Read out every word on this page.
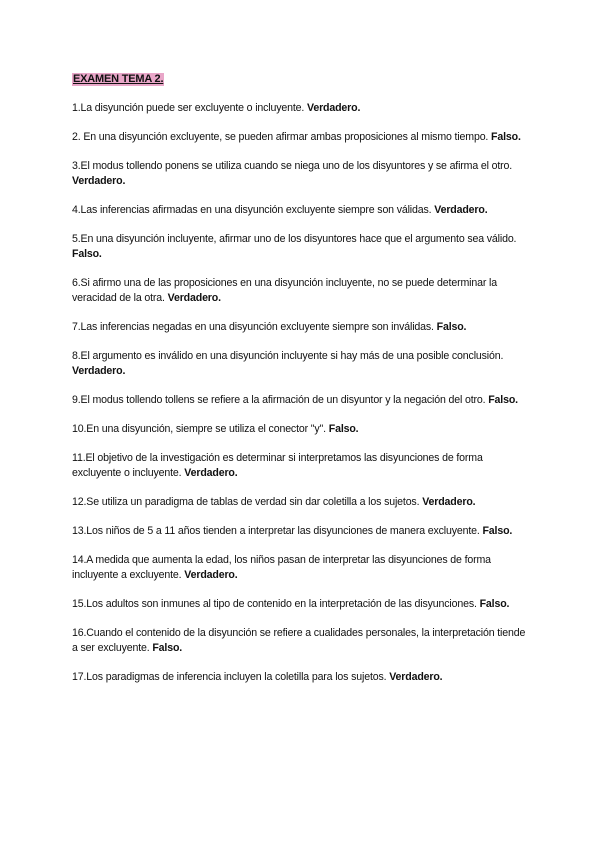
EXAMEN TEMA 2.
1.La disyunción puede ser excluyente o incluyente. Verdadero.
2. En una disyunción excluyente, se pueden afirmar ambas proposiciones al mismo tiempo. Falso.
3.El modus tollendo ponens se utiliza cuando se niega uno de los disyuntores y se afirma el otro. Verdadero.
4.Las inferencias afirmadas en una disyunción excluyente siempre son válidas. Verdadero.
5.En una disyunción incluyente, afirmar uno de los disyuntores hace que el argumento sea válido. Falso.
6.Si afirmo una de las proposiciones en una disyunción incluyente, no se puede determinar la veracidad de la otra. Verdadero.
7.Las inferencias negadas en una disyunción excluyente siempre son inválidas. Falso.
8.El argumento es inválido en una disyunción incluyente si hay más de una posible conclusión. Verdadero.
9.El modus tollendo tollens se refiere a la afirmación de un disyuntor y la negación del otro. Falso.
10.En una disyunción, siempre se utiliza el conector "y". Falso.
11.El objetivo de la investigación es determinar si interpretamos las disyunciones de forma excluyente o incluyente. Verdadero.
12.Se utiliza un paradigma de tablas de verdad sin dar coletilla a los sujetos. Verdadero.
13.Los niños de 5 a 11 años tienden a interpretar las disyunciones de manera excluyente. Falso.
14.A medida que aumenta la edad, los niños pasan de interpretar las disyunciones de forma incluyente a excluyente. Verdadero.
15.Los adultos son inmunes al tipo de contenido en la interpretación de las disyunciones. Falso.
16.Cuando el contenido de la disyunción se refiere a cualidades personales, la interpretación tiende a ser excluyente. Falso.
17.Los paradigmas de inferencia incluyen la coletilla para los sujetos. Verdadero.
